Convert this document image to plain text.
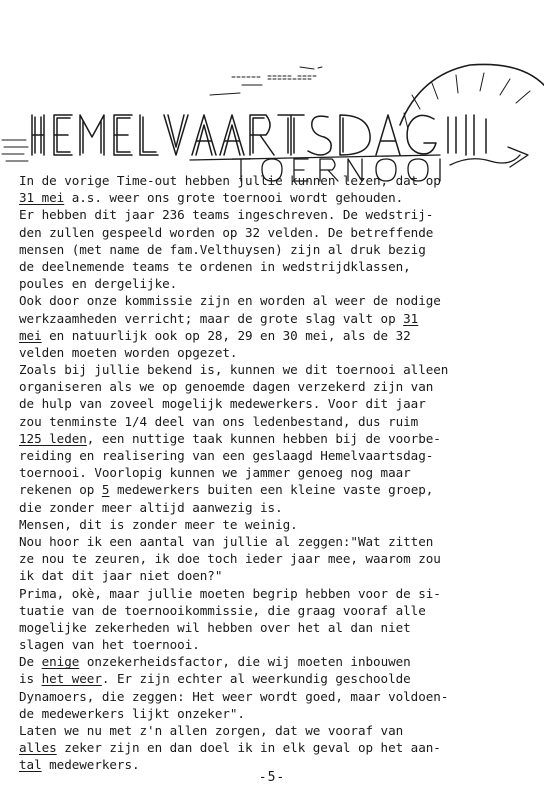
In de vorige Time-out hebben jullie kunnen lezen, dat op
31 mei a.s. weer ons grote toernooi wordt gehouden.
Er hebben dit jaar 236 teams ingeschreven. De wedstrij-
den zullen gespeeld worden op 32 velden. De betreffende
mensen (met name de fam.Velthuysen) zijn al druk bezig
de deelnemende teams te ordenen in wedstrijdklassen,
poules en dergelijke.
Ook door onze kommissie zijn en worden al weer de nodige
werkzaamheden verricht; maar de grote slag valt op 31
mei en natuurlijk ook op 28, 29 en 30 mei, als de 32
velden moeten worden opgezet.
Zoals bij jullie bekend is, kunnen we dit toernooi alleen
organiseren als we op genoemde dagen verzekerd zijn van
de hulp van zoveel mogelijk medewerkers. Voor dit jaar
zou tenminste 1/4 deel van ons ledenbestand, dus ruim
125 leden, een nuttige taak kunnen hebben bij de voorbe-
reiding en realisering van een geslaagd Hemelvaartsdag-
toernooi. Voorlopig kunnen we jammer genoeg nog maar
rekenen op 5 medewerkers buiten een kleine vaste groep,
die zonder meer altijd aanwezig is.
Mensen, dit is zonder meer te weinig.
Nou hoor ik een aantal van jullie al zeggen:"Wat zitten
ze nou te zeuren, ik doe toch ieder jaar mee, waarom zou
ik dat dit jaar niet doen?"
Prima, okè, maar jullie moeten begrip hebben voor de si-
tuatie van de toernooikommissie, die graag vooraf alle
mogelijke zekerheden wil hebben over het al dan niet
slagen van het toernooi.
De enige onzekerheidsfactor, die wij moeten inbouwen
is het weer. Er zijn echter al weerkundig geschoolde
Dynamoers, die zeggen: Het weer wordt goed, maar voldoen-
de medewerkers lijkt onzeker".
Laten we nu met z'n allen zorgen, dat we vooraf van
alles zeker zijn en dan doel ik in elk geval op het aan-
tal medewerkers.
-5-
